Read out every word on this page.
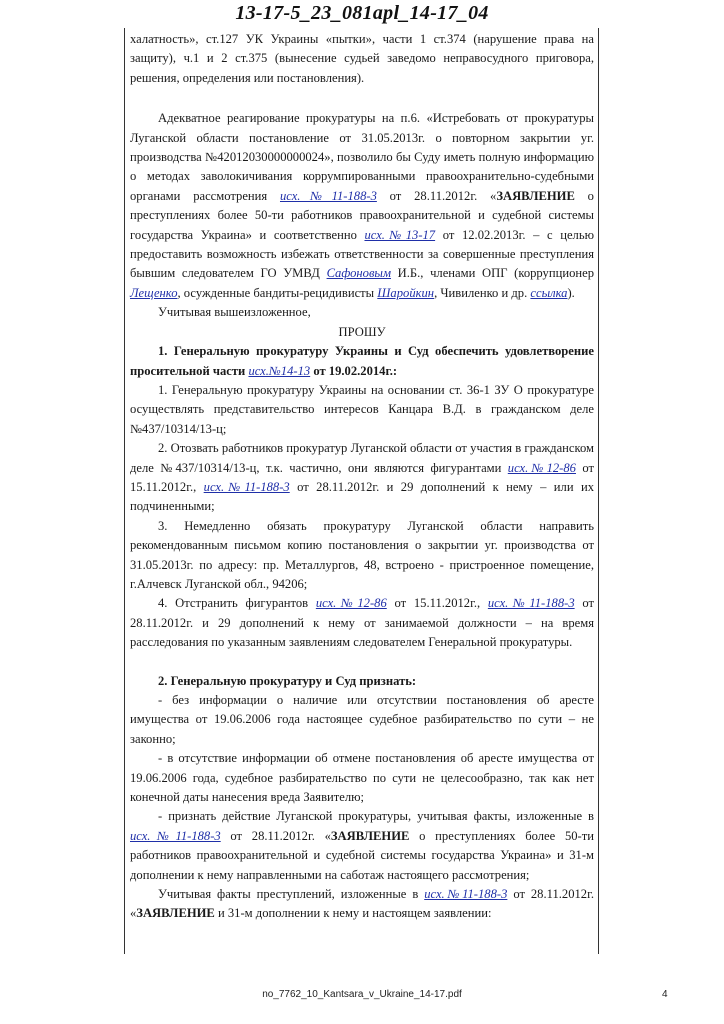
13-17-5_23_081apl_14-17_04

халатность», ст.127 УК Украины «пытки», части 1 ст.374 (нарушение права на защиту), ч.1 и 2 ст.375 (вынесение судьей заведомо неправосудного приговора, решения, определения или постановления).

Адекватное реагирование прокуратуры на п.6. «Истребовать от прокуратуры Луганской области постановление от 31.05.2013г. о повторном закрытии уг. производства №42012030000000024», позволило бы Суду иметь полную информацию о методах заволокичивания коррумпированными правоохранительно-судебными органами рассмотрения исх.№11-188-3 от 28.11.2012г. «ЗАЯВЛЕНИЕ о преступлениях более 50-ти работников правоохранительной и судебной системы государства Украина» и соответственно исх.№13-17 от 12.02.2013г. – с целью предоставить возможность избежать ответственности за совершенные преступления бывшим следователем ГО УМВД Сафоновым И.Б., членами ОПГ (коррупционер Лещенко, осужденные бандиты-рецидивисты Шаройкин, Чивиленко и др. ссылка).

Учитывая вышеизложенное,

ПРОШУ

1. Генеральную прокуратуру Украины и Суд обеспечить удовлетворение просительной части исх.№14-13 от 19.02.2014г.:

1. Генеральную прокуратуру Украины на основании ст. 36-1 ЗУ О прокуратуре осуществлять представительство интересов Канцара В.Д. в гражданском деле №437/10314/13-ц;

2. Отозвать работников прокуратур Луганской области от участия в гражданском деле №437/10314/13-ц, т.к. частично, они являются фигурантами исх.№12-86 от 15.11.2012г., исх.№11-188-3 от 28.11.2012г. и 29 дополнений к нему – или их подчиненными;

3. Немедленно обязать прокуратуру Луганской области направить рекомендованным письмом копию постановления о закрытии уг. производства от 31.05.2013г. по адресу: пр. Металлургов, 48, встроено - пристроенное помещение, г.Алчевск Луганской обл., 94206;

4. Отстранить фигурантов исх.№12-86 от 15.11.2012г., исх.№11-188-3 от 28.11.2012г. и 29 дополнений к нему от занимаемой должности – на время расследования по указанным заявлениям следователем Генеральной прокуратуры.

2. Генеральную прокуратуру и Суд признать:

- без информации о наличие или отсутствии постановления об аресте имущества от 19.06.2006 года настоящее судебное разбирательство по сути – не законно;

- в отсутствие информации об отмене постановления об аресте имущества от 19.06.2006 года, судебное разбирательство по сути не целесообразно, так как нет конечной даты нанесения вреда Заявителю;

- признать действие Луганской прокуратуры, учитывая факты, изложенные в исх.№11-188-3 от 28.11.2012г. «ЗАЯВЛЕНИЕ о преступлениях более 50-ти работников правоохранительной и судебной системы государства Украина» и 31-м дополнении к нему направленными на саботаж настоящего рассмотрения;

Учитывая факты преступлений, изложенные в исх.№11-188-3 от 28.11.2012г. «ЗАЯВЛЕНИЕ и 31-м дополнении к нему и настоящем заявлении:

no_7762_10_Kantsara_v_Ukraine_14-17.pdf	4
